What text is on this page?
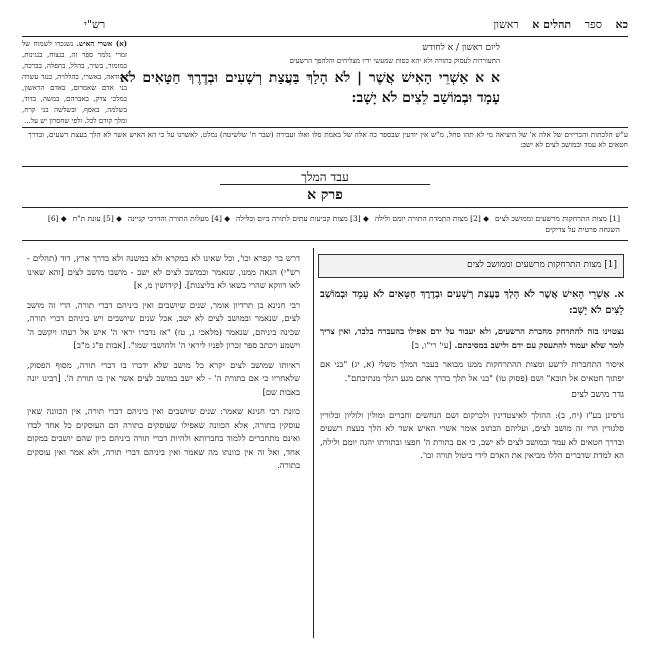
כא ספר תהלים א ראשון
רש"י
(א) אשרי האיש. נשנכרו לשמוח של זמרי נלמר ספר זה, בנצוח, בנגינות, במזמור, בשיר, בהלל, בתפלה, בברכה, בהודאה, באשרי, בהללויה, כנגד עשרה בני אדם שאמרום, באדם הראשון, במלכי צדק, באברהם, במשה, בדוד, בשלמה, באסף, ובשלשה בני קרח, ומלך קורם לכל. ולפי שחסרון יש על...
ליום ראשון / א לחודש
התעוררות לעסוק בתורה ולא יהא כסות שמעשי ידיו מצליחים והלהפך הרשעים
א א אַשְׁרֵי הָאִישׁ אֲשֶׁר | לֹא הָלַךְ בַּעֲצַת רְשָׁעִים וּבְדֶרֶךְ חַטָּאִים לֹא עָמָד וּבְמוֹשַׁב לֵצִים לֹא יָשָׁב:
ע"ש הלכתות והכריזים של אלה א' של היציאה מי לא תהו סחל, מ"ש אין יודעין שבספר כה אלה של באמת סלו ואלו ועבירה (שבר ח' שלשיטה) נמלט. לאשרנו על כי הא האיש אשר לא הלך בעצת רשעים, ובדרך חטאים לא עמד ובמושב לצים לא ישב:
עבד המלך
פרק א
[1] מצות התרחקות מרשעים וממושב לצים◆ [2] מצות התמדת התורה יומם ולילה◆ [3] מצות קביעות עתים לתורה ביום ובלילה◆ [4] מעלות התורה והדרכי קניינה◆ [5] עונת ת"ח◆ [6] השגחה פרטית על צדיקים
[1] מצות התרחקות מרשעים וממושב לצים
א. אַשְׁרֵי הָאִישׁ אֲשֶׁר לֹא הָלַךְ בַּעֲצַת רְשָׁעִים וּבְדֶרֶךְ חַטָּאִים לֹא עָמָד וּבְמוֹשַׁב לֵצִים לֹא יָשָׁב:
נצטוינו בזה להתרחק מחברת הרשעים, ולא יעבור על ידם אפילו בהעברה בלבד, ואין צריך לומר שלא יעמוד להתעסק עם ידם ולישב במסיבתם. [עי' רי"ו, ב]
איסור התחברות לרשע ומצות ההתרחקות ממנו מבואר בעבר המלך משלי (א, יג) "בני אם יפתוך חטאים אל תובא" ושם (פסוק טו) "בני אל תלך בדרך אתם מנע רגלך מנתיבתם".
גדר מושב לצים
גרסינן בע"ז (יח, ב): ההולך לאיצטדינין ולכרקום ושם הנחשים וחברים ומולין ולוליון ובלורין סלגורין הרי זה מושב לצים, ועליהם הכתוב אומר אשרי האיש אשר לא הלך בעצת רשעים ובדרך חטאים לא עמד ובמושב לצים לא ישב, כי אם בתורת ה' חפצו ובתורתו יהגה יומם ולילה, הא למדת שדברים הללו מביאין את האדם לידי ביטול תורה וכו'.
דרש בר קפרא וכו', וכל שאינו לא במקרא ולא במשנה ולא בדרך ארץ, דוד (תהלים - רש"י) הנאה ממנו, שנאמר ובמושב לצים לא ישב - מושבו מושב לצים [והא שאינו לאו דווקא שהרי בשאו לא בליצנות]. [קידושין מ, א]
רבי חנינא בן תרדיון אומר, שנים שיושבים ואין ביניהם דברי תורה, הרי זה מושב לצים, שנאמר ובמושב לצים לא ישב, אבל שנים שיושבים ויש ביניהם דברי תורה, שכינה ביניהם, שנאמר (מלאכי ג, טז) "אז נדברו יראי ה' איש אל רעהו ויקשב ה' וישמע ויכתב ספר זכרון לפניו ליראי ה' ולחושבי שמו". [אבות פ"ג מ"ב]
ראיותו שמושב לצים יקרא כל מושב שלא ידברו בו דברי תורה, מסוף הפסוק, שלאחריו כי אם בתורת ה' - לא ישב במושב לצים אשר אין בו תורת ה'. [רבינו יונה באבות שם]
כוונת רבי חנינא שאמר: שנים שיושבים ואין ביניהם דברי תורה, אין הכוונה שאין עוסקין בתורה, אלא הכוונה שאפילו שעוסקים בתורה הם העוסקים כל אחד לבדו ואינם מתחברים ללמוד בחברותא ולהיות דברי תורה ביניהם כיון שהם יושבים במקום אחד, ואל זה אין כוונתו מה שאמר ואין ביניהם דברי תורה, ולא אמר ואין עוסקים בתורה.
